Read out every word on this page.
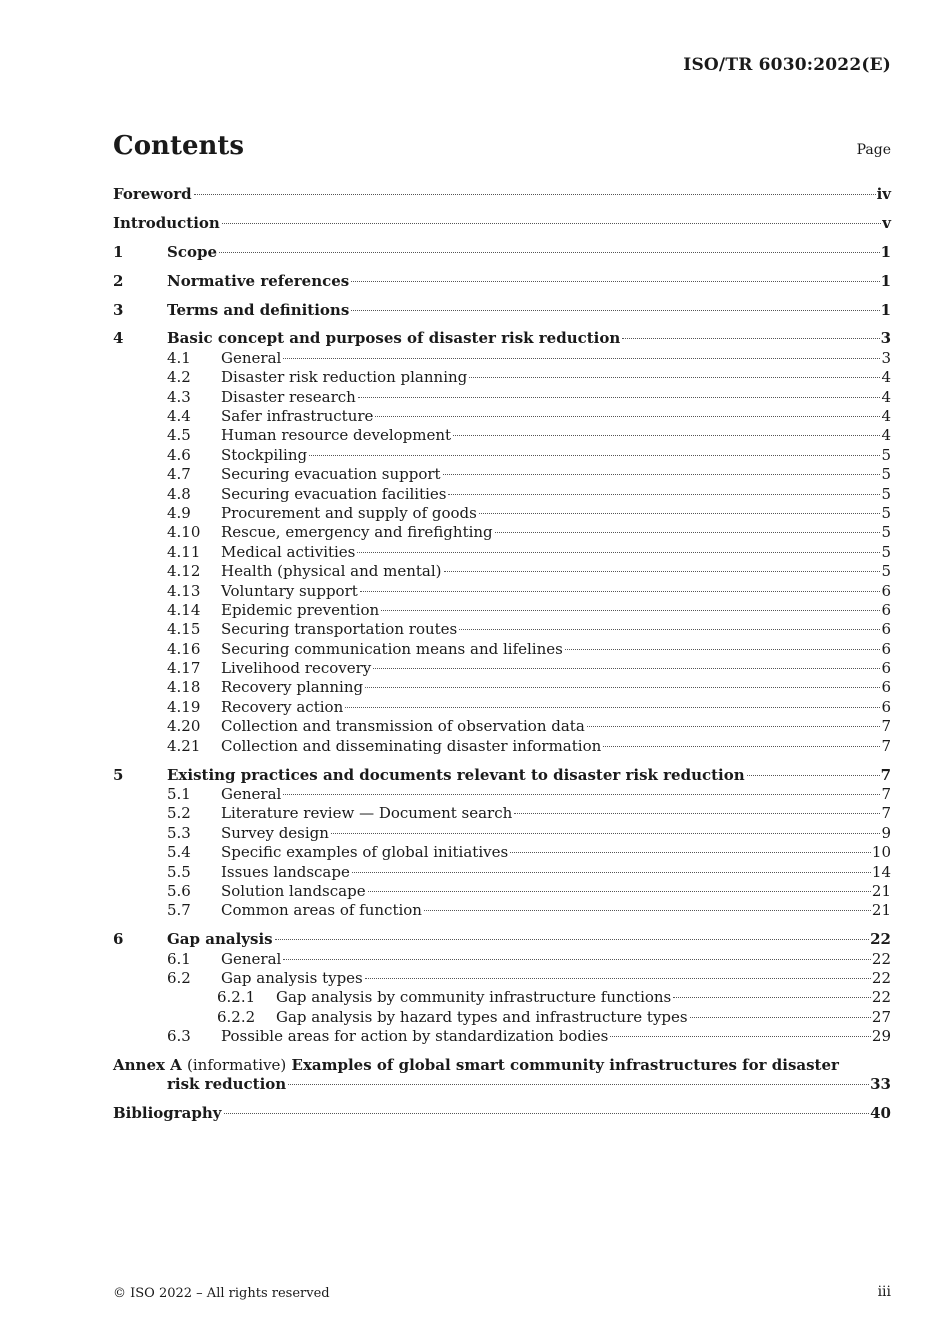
ISO/TR 6030:2022(E)
Contents	Page
Foreword	iv
Introduction	v
1	Scope	1
2	Normative references	1
3	Terms and definitions	1
4	Basic concept and purposes of disaster risk reduction	3
4.1	General	3
4.2	Disaster risk reduction planning	4
4.3	Disaster research	4
4.4	Safer infrastructure	4
4.5	Human resource development	4
4.6	Stockpiling	5
4.7	Securing evacuation support	5
4.8	Securing evacuation facilities	5
4.9	Procurement and supply of goods	5
4.10	Rescue, emergency and firefighting	5
4.11	Medical activities	5
4.12	Health (physical and mental)	5
4.13	Voluntary support	6
4.14	Epidemic prevention	6
4.15	Securing transportation routes	6
4.16	Securing communication means and lifelines	6
4.17	Livelihood recovery	6
4.18	Recovery planning	6
4.19	Recovery action	6
4.20	Collection and transmission of observation data	7
4.21	Collection and disseminating disaster information	7
5	Existing practices and documents relevant to disaster risk reduction	7
5.1	General	7
5.2	Literature review — Document search	7
5.3	Survey design	9
5.4	Specific examples of global initiatives	10
5.5	Issues landscape	14
5.6	Solution landscape	21
5.7	Common areas of function	21
6	Gap analysis	22
6.1	General	22
6.2	Gap analysis types	22
6.2.1	Gap analysis by community infrastructure functions	22
6.2.2	Gap analysis by hazard types and infrastructure types	27
6.3	Possible areas for action by standardization bodies	29
Annex A (informative) Examples of global smart community infrastructures for disaster
risk reduction	33
Bibliography	40
© ISO 2022 – All rights reserved	iii
